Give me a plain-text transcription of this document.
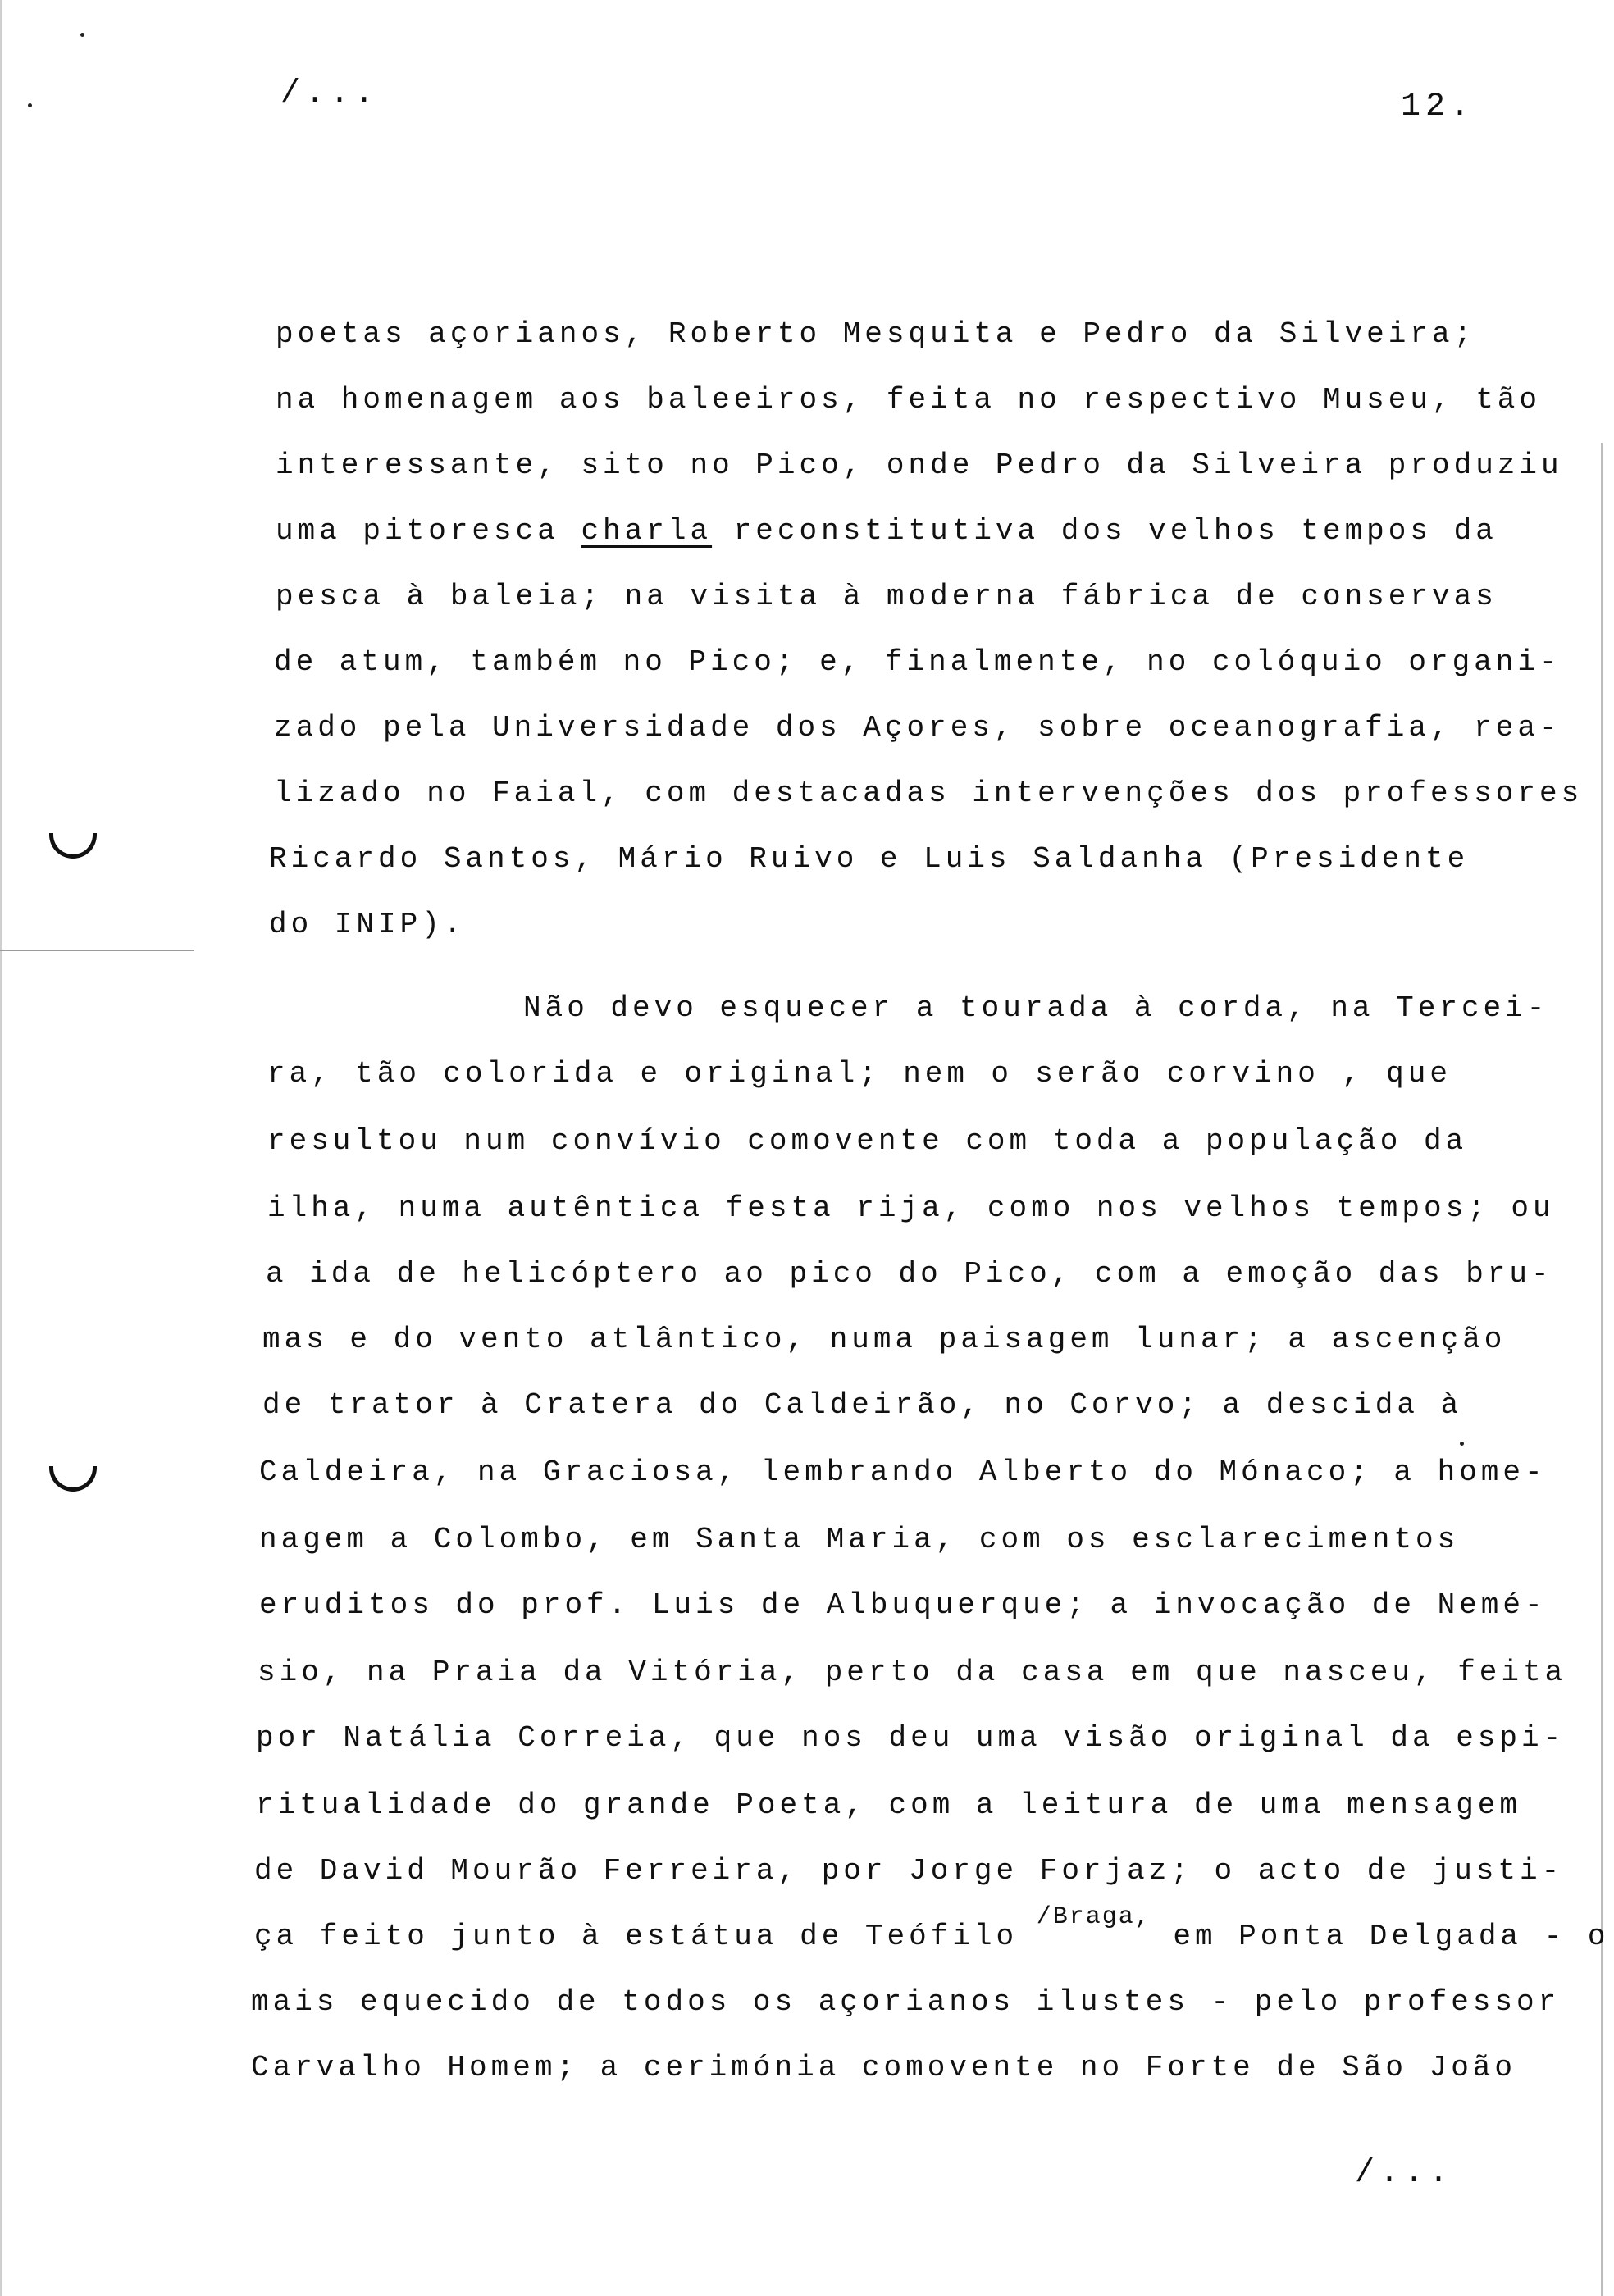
/...	12.
poetas açorianos, Roberto Mesquita e Pedro da Silveira;
na homenagem aos baleeiros, feita no respectivo Museu, tão
interessante, sito no Pico, onde Pedro da Silveira produziu
uma pitoresca charla reconstitutiva dos velhos tempos da
pesca à baleia; na visita à moderna fábrica de conservas
de atum, também no Pico; e, finalmente, no colóquio organi-
zado pela Universidade dos Açores, sobre oceanografia, rea-
lizado no Faial, com destacadas intervenções dos professores
Ricardo Santos, Mário Ruivo e Luis Saldanha (Presidente
do INIP).
Não devo esquecer a tourada à corda, na Tercei-
ra, tão colorida e original; nem o serão corvino , que
resultou num convívio comovente com toda a população da
ilha, numa autêntica festa rija, como nos velhos tempos; ou
a ida de helicóptero ao pico do Pico, com a emoção das bru-
mas e do vento atlântico, numa paisagem lunar; a ascenção
de trator à Cratera do Caldeirão, no Corvo; a descida à
Caldeira, na Graciosa, lembrando Alberto do Mónaco; a home-
nagem a Colombo, em Santa Maria, com os esclarecimentos
eruditos do prof. Luis de Albuquerque; a invocação de Nemé-
sio, na Praia da Vitória, perto da casa em que nasceu, feita
por Natália Correia, que nos deu uma visão original da espi-
ritualidade do grande Poeta, com a leitura de uma mensagem
de David Mourão Ferreira, por Jorge Forjaz; o acto de justi-
ça feito junto à estátua de Teófilo $^{/Braga,}$ em Ponta Delgada - o
mais equecido de todos os açorianos ilustes - pelo professor
Carvalho Homem; a cerimónia comovente no Forte de São João
/...
